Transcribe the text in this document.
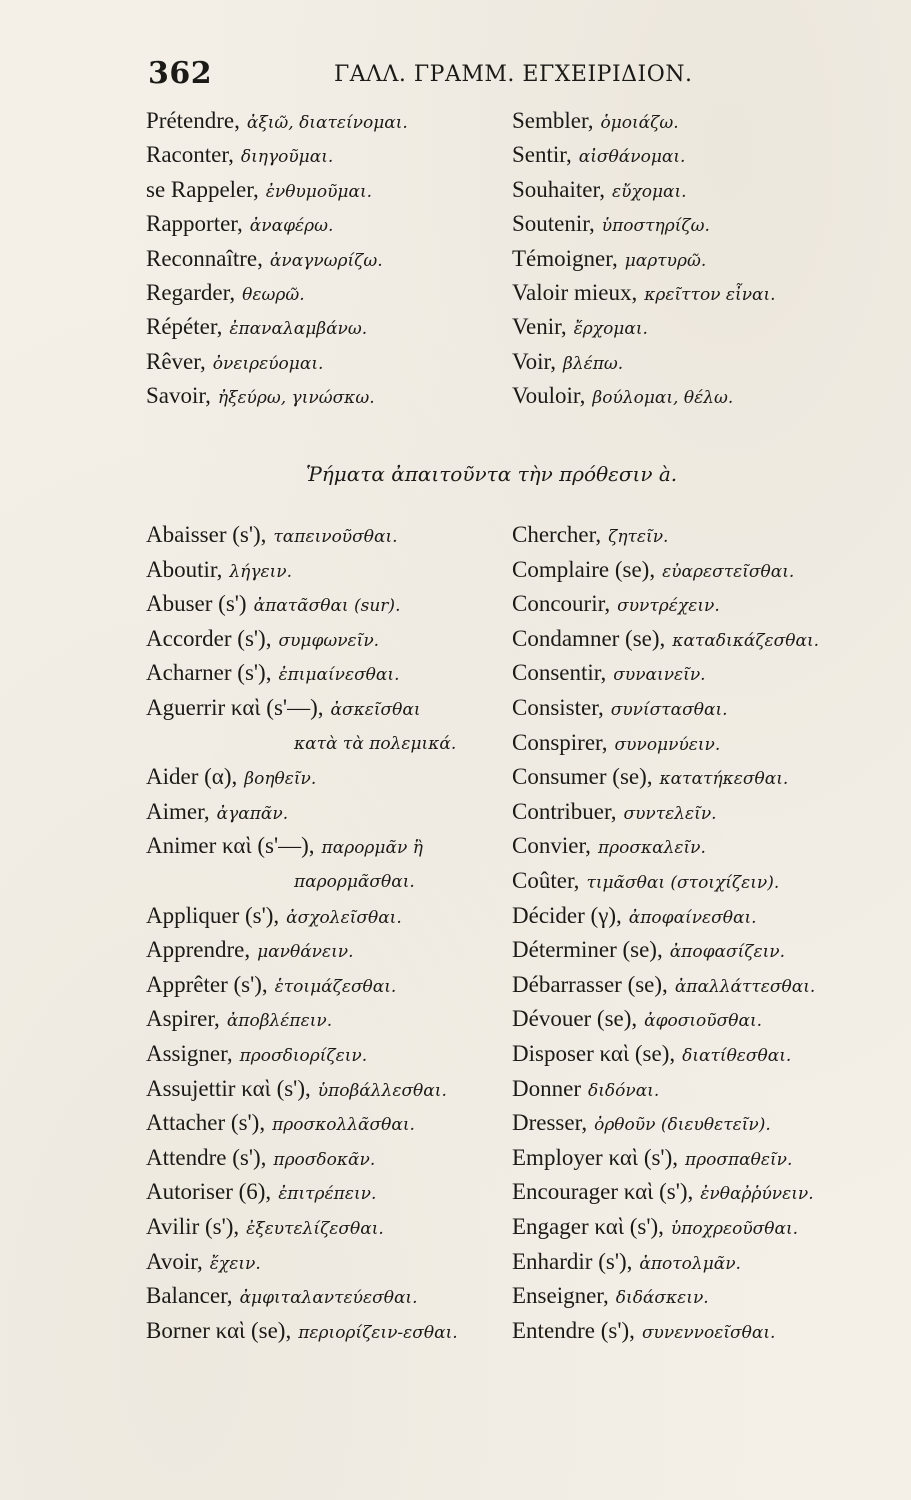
362	ΓΑΛΛ. ΓΡΑΜΜ. ΕΓΧΕΙΡΙΔΙΟΝ.
Prétendre, ἀξιῶ, διατείνομαι.
Raconter, διηγοῦμαι.
se Rappeler, ἐνθυμοῦμαι.
Rapporter, ἀναφέρω.
Reconnaître, ἀναγνωρίζω.
Regarder, θεωρῶ.
Répéter, ἐπαναλαμβάνω.
Rêver, ὀνειρεύομαι.
Savoir, ἠξεύρω, γινώσκω.
Sembler, ὁμοιάζω.
Sentir, αἰσθάνομαι.
Souhaiter, εὔχομαι.
Soutenir, ὑποστηρίζω.
Témoigner, μαρτυρῶ.
Valoir mieux, κρεῖττον εἶναι.
Venir, ἔρχομαι.
Voir, βλέπω.
Vouloir, βούλομαι, θέλω.
Ῥήματα ἀπαιτοῦντα τὴν πρόθεσιν à.
Abaisser (s'), ταπεινοῦσθαι.
Aboutir, λήγειν.
Abuser (s') ἀπατᾶσθαι (sur).
Accorder (s'), συμφωνεῖν.
Acharner (s'), ἐπιμαίνεσθαι.
Aguerrir καὶ (s'—), ἀσκεῖσθαι
κατὰ τὰ πολεμικά.
Aider (α), βοηθεῖν.
Aimer, ἀγαπᾶν.
Animer καὶ (s'—), παρορμᾶν ἢ
παρορμᾶσθαι.
Appliquer (s'), ἀσχολεῖσθαι.
Apprendre, μανθάνειν.
Apprêter (s'), ἑτοιμάζεσθαι.
Aspirer, ἀποβλέπειν.
Assigner, προσδιορίζειν.
Assujettir καὶ (s'), ὑποβάλλεσθαι.
Attacher (s'), προσκολλᾶσθαι.
Attendre (s'), προσδοκᾶν.
Autoriser (6), ἐπιτρέπειν.
Avilir (s'), ἐξευτελίζεσθαι.
Avoir, ἔχειν.
Balancer, ἀμφιταλαντεύεσθαι.
Borner καὶ (se), περιορίζειν-εσθαι.
Chercher, ζητεῖν.
Complaire (se), εὐαρεστεῖσθαι.
Concourir, συντρέχειν.
Condamner (se), καταδικάζεσθαι.
Consentir, συναινεῖν.
Consister, συνίστασθαι.
Conspirer, συνομνύειν.
Consumer (se), κατατήκεσθαι.
Contribuer, συντελεῖν.
Convier, προσκαλεῖν.
Coûter, τιμᾶσθαι (στοιχίζειν).
Décider (γ), ἀποφαίνεσθαι.
Déterminer (se), ἀποφασίζειν.
Débarrasser (se), ἀπαλλάττεσθαι.
Dévouer (se), ἀφοσιοῦσθαι.
Disposer καὶ (se), διατίθεσθαι.
Donner διδόναι.
Dresser, ὀρθοῦν (διευθετεῖν).
Employer καὶ (s'), προσπαθεῖν.
Encourager καὶ (s'), ἐνθαῤῥύνειν.
Engager καὶ (s'), ὑποχρεοῦσθαι.
Enhardir (s'), ἀποτολμᾶν.
Enseigner, διδάσκειν.
Entendre (s'), συνεννοεῖσθαι.
